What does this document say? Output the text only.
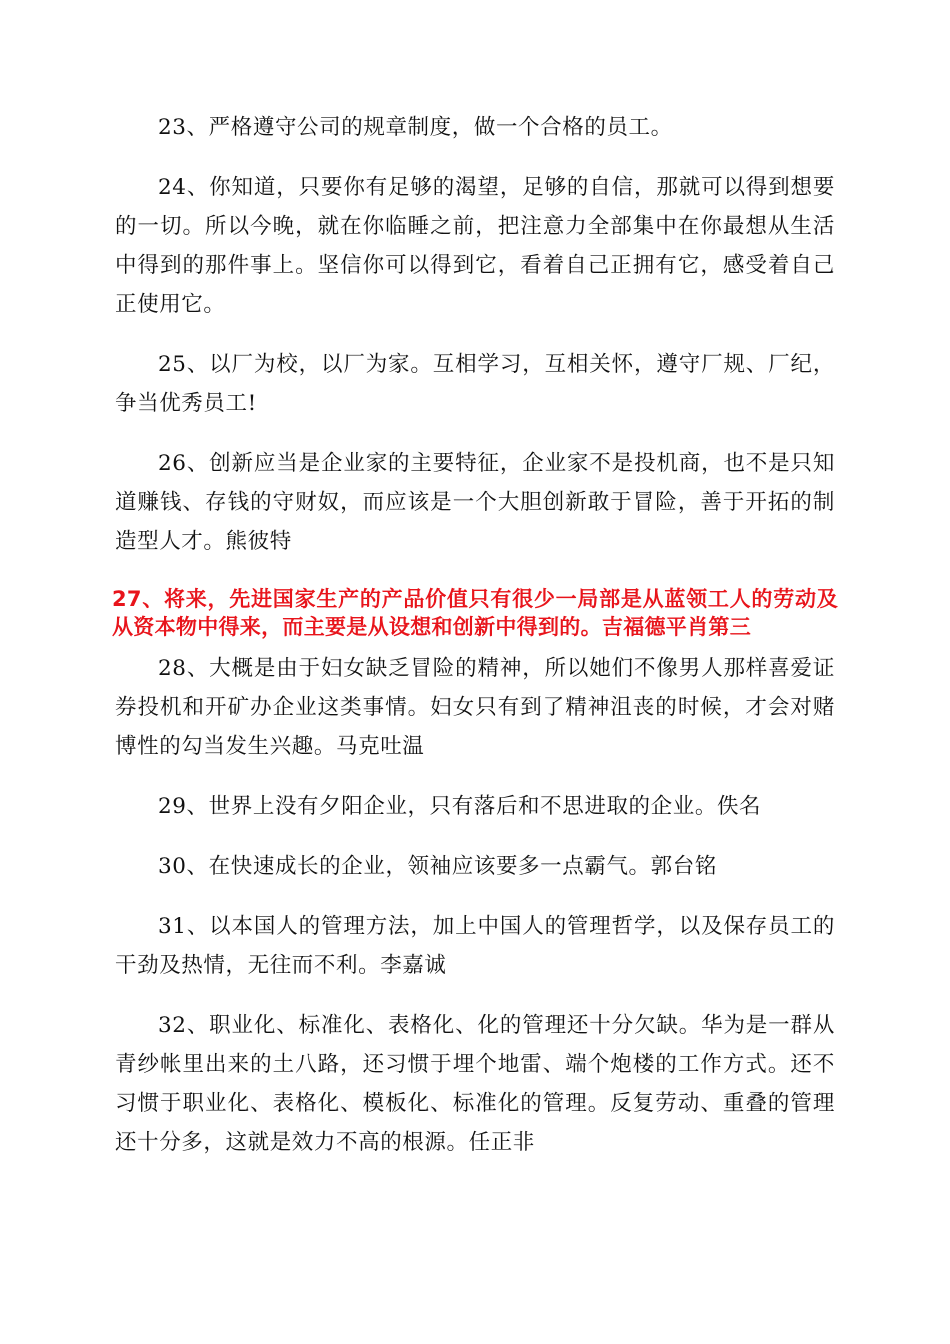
23、严格遵守公司的规章制度，做一个合格的员工。

24、你知道，只要你有足够的渴望，足够的自信，那就可以得到想要的一切。所以今晚，就在你临睡之前，把注意力全部集中在你最想从生活中得到的那件事上。坚信你可以得到它，看着自己正拥有它，感受着自己正使用它。

25、以厂为校，以厂为家。互相学习，互相关怀，遵守厂规、厂纪，争当优秀员工!

26、创新应当是企业家的主要特征，企业家不是投机商，也不是只知道赚钱、存钱的守财奴，而应该是一个大胆创新敢于冒险，善于开拓的制造型人才。熊彼特

27、将来，先进国家生产的产品价值只有很少一局部是从蓝领工人的劳动及从资本物中得来，而主要是从设想和创新中得到的。吉福德平肖第三

28、大概是由于妇女缺乏冒险的精神，所以她们不像男人那样喜爱证券投机和开矿办企业这类事情。妇女只有到了精神沮丧的时候，才会对赌博性的勾当发生兴趣。马克吐温

29、世界上没有夕阳企业，只有落后和不思进取的企业。佚名

30、在快速成长的企业，领袖应该要多一点霸气。郭台铭

31、以本国人的管理方法，加上中国人的管理哲学，以及保存员工的干劲及热情，无往而不利。李嘉诚

32、职业化、标准化、表格化、化的管理还十分欠缺。华为是一群从青纱帐里出来的土八路，还习惯于埋个地雷、端个炮楼的工作方式。还不习惯于职业化、表格化、模板化、标准化的管理。反复劳动、重叠的管理还十分多，这就是效力不高的根源。任正非
